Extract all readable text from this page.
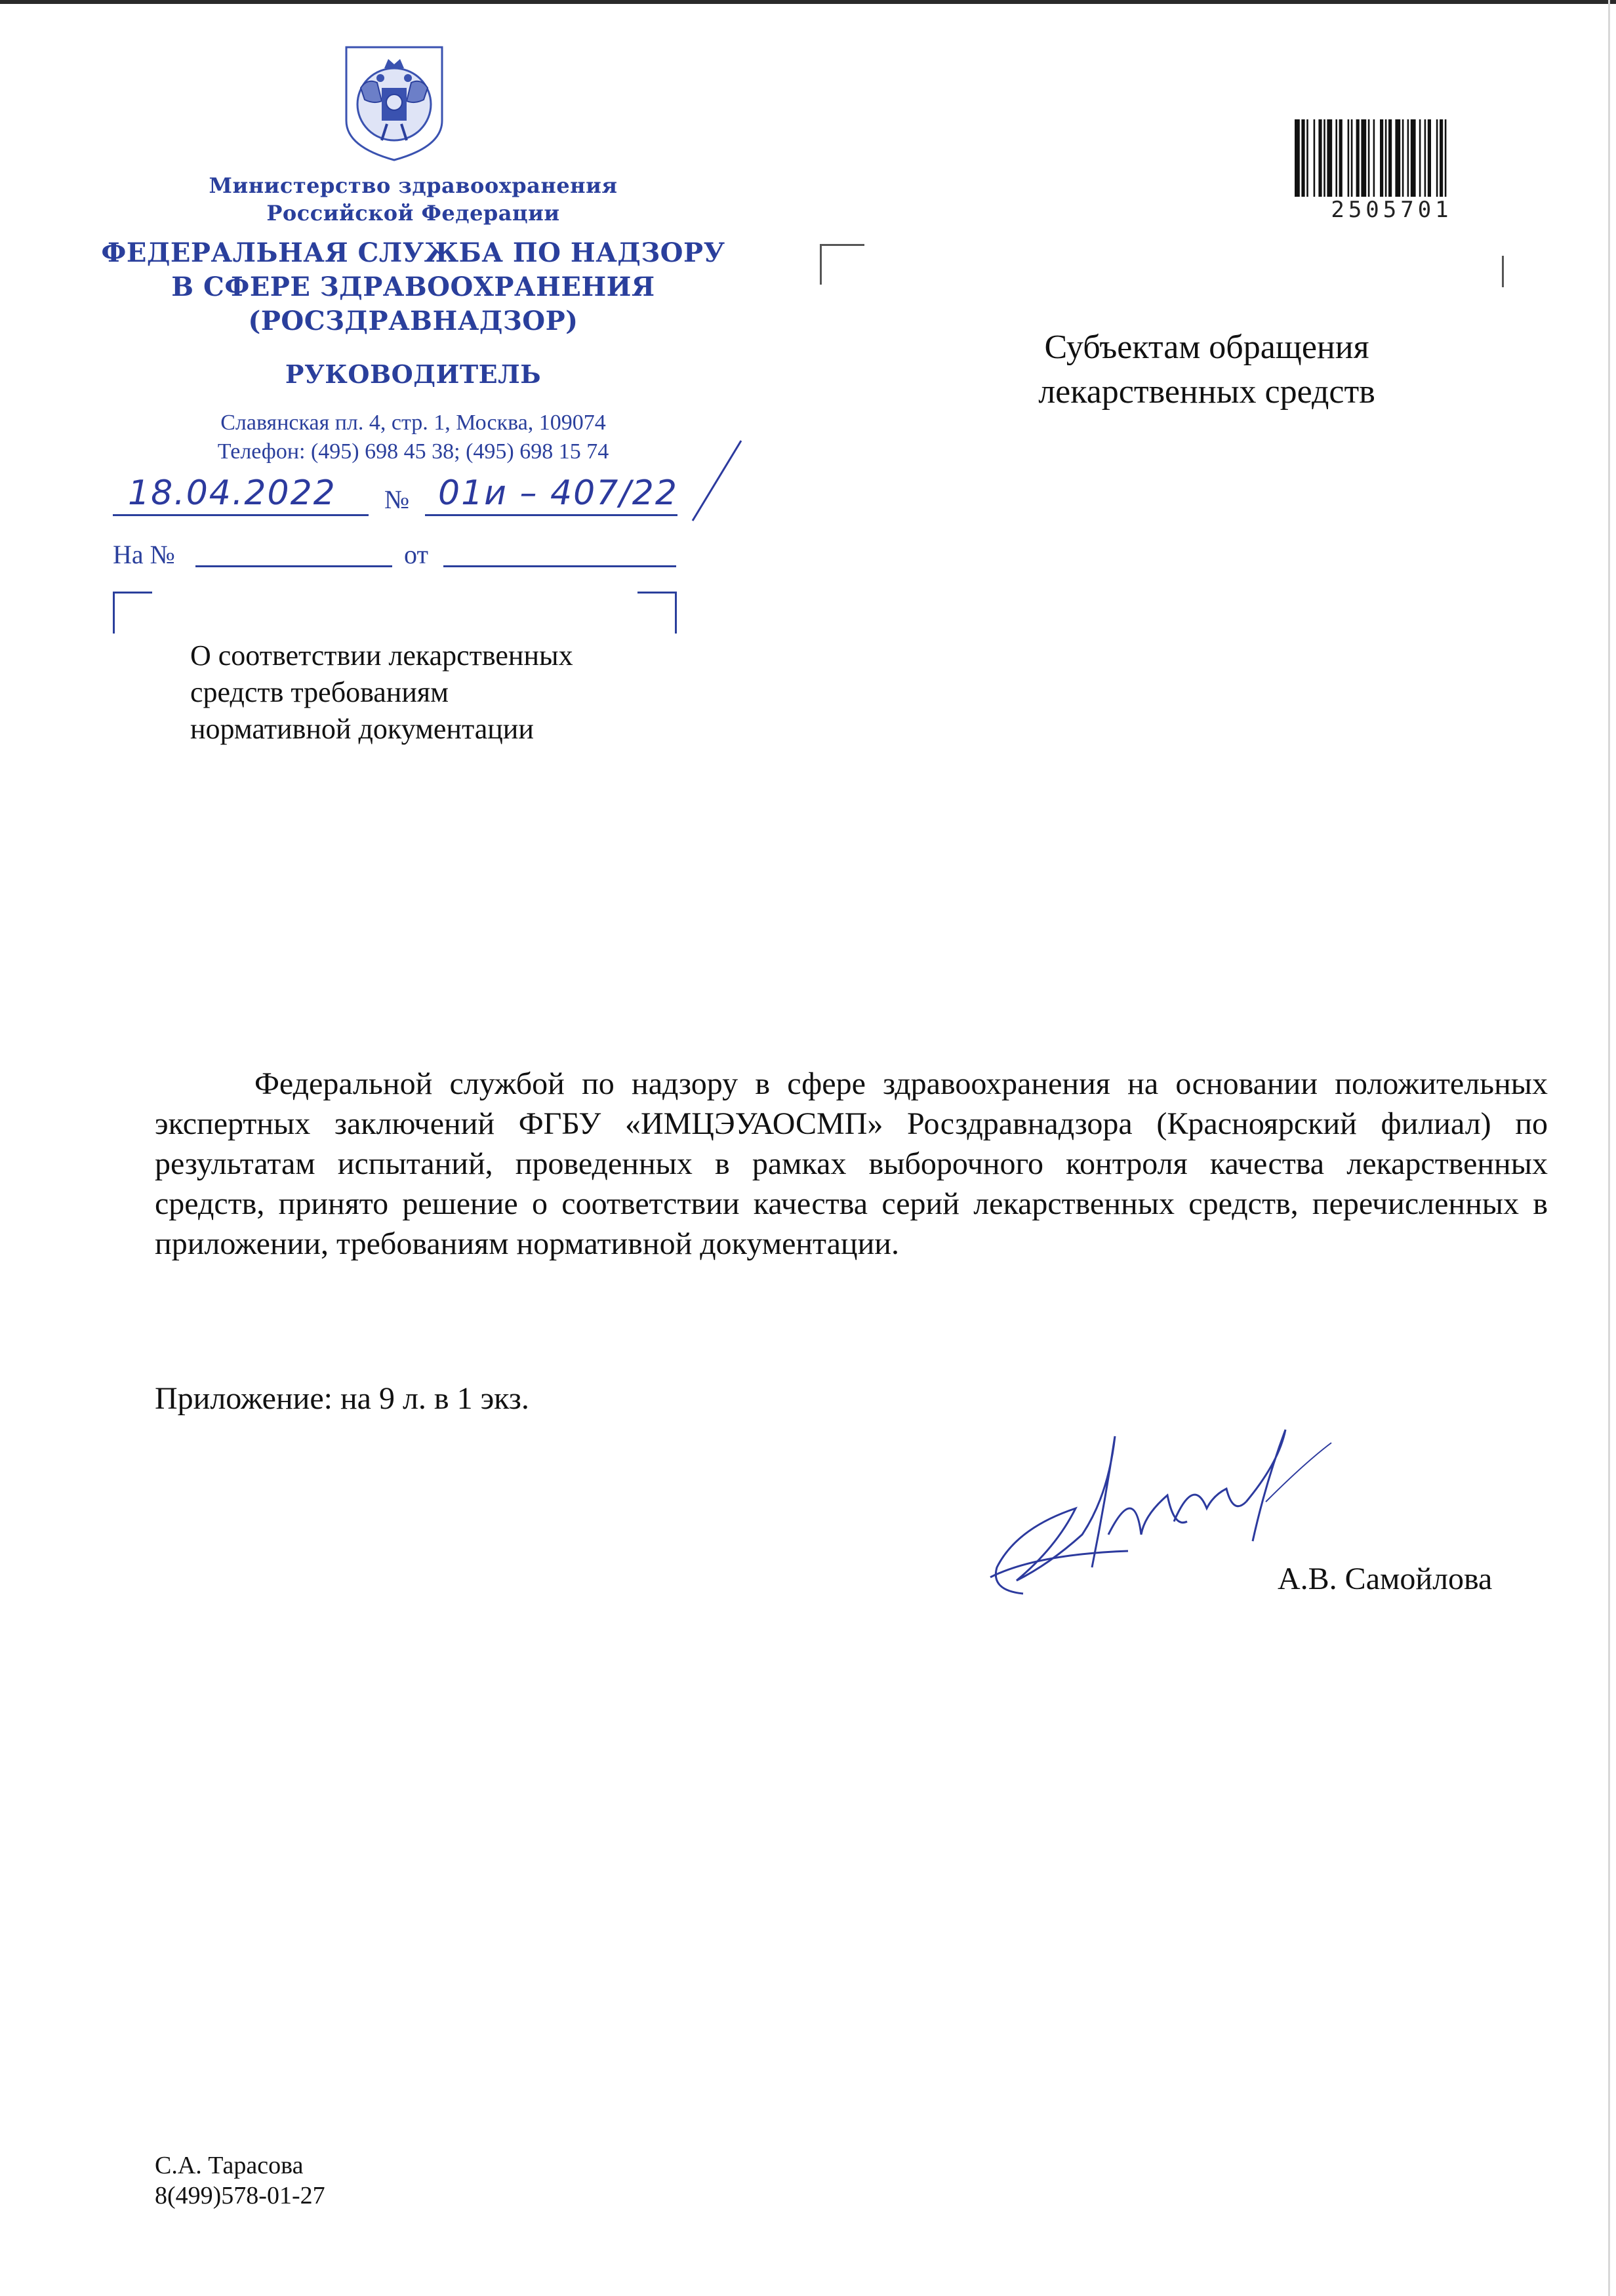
Министерство здравоохранения
Российской Федерации
ФЕДЕРАЛЬНАЯ СЛУЖБА ПО НАДЗОРУ
В СФЕРЕ ЗДРАВООХРАНЕНИЯ
(РОСЗДРАВНАДЗОР)
РУКОВОДИТЕЛЬ
Славянская пл. 4, стр. 1, Москва, 109074
Телефон: (495) 698 45 38; (495) 698 15 74
18.04.2022 № 01и – 407/22
На №	от
О соответствии лекарственных
средств требованиям
нормативной документации
2505701
Субъектам обращения
лекарственных средств
Федеральной службой по надзору в сфере здравоохранения на основании положительных экспертных заключений ФГБУ «ИМЦЭУАОСМП» Росздравнадзора (Красноярский филиал) по результатам испытаний, проведенных в рамках выборочного контроля качества лекарственных средств, принято решение о соответствии качества серий лекарственных средств, перечисленных в приложении, требованиям нормативной документации.
Приложение: на 9 л. в 1 экз.
А.В. Самойлова
С.А. Тарасова
8(499)578-01-27
